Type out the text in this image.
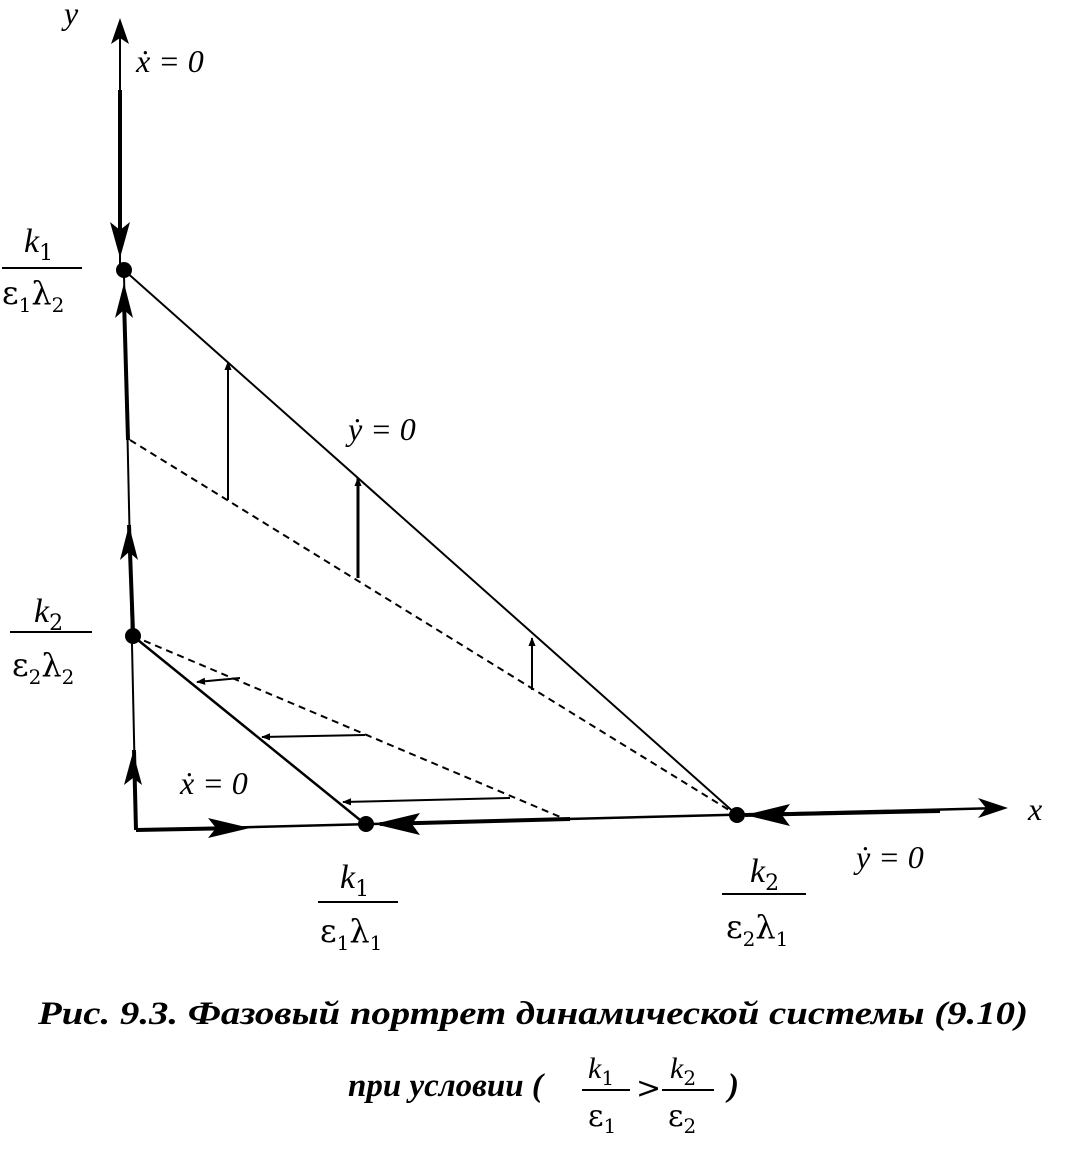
y
x
ẋ = 0
ẏ = 0
ẋ = 0
ẏ = 0
$k_1$
$\varepsilon_1\lambda_2$
$k_2$
$\varepsilon_2\lambda_2$
$k_1$
$\varepsilon_1\lambda_1$
$k_2$
$\varepsilon_2\lambda_1$
Рис. 9.3. Фазовый портрет динамической системы (9.10)
при условии ( $k_1$
$\varepsilon_1$
>
$k_2$
$\varepsilon_2$
)
